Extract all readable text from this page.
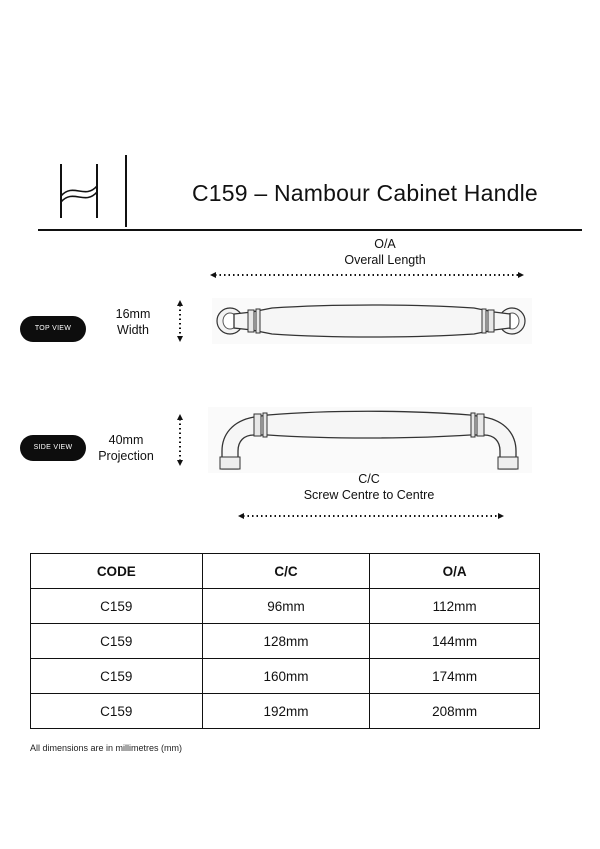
C159 – Nambour Cabinet Handle
O/A
Overall Length
TOP VIEW
16mm
Width
SIDE VIEW
40mm
Projection
C/C
Screw Centre to Centre
CODE	C/C	O/A
C159	96mm	112mm
C159	128mm	144mm
C159	160mm	174mm
C159	192mm	208mm
All dimensions are in millimetres (mm)
